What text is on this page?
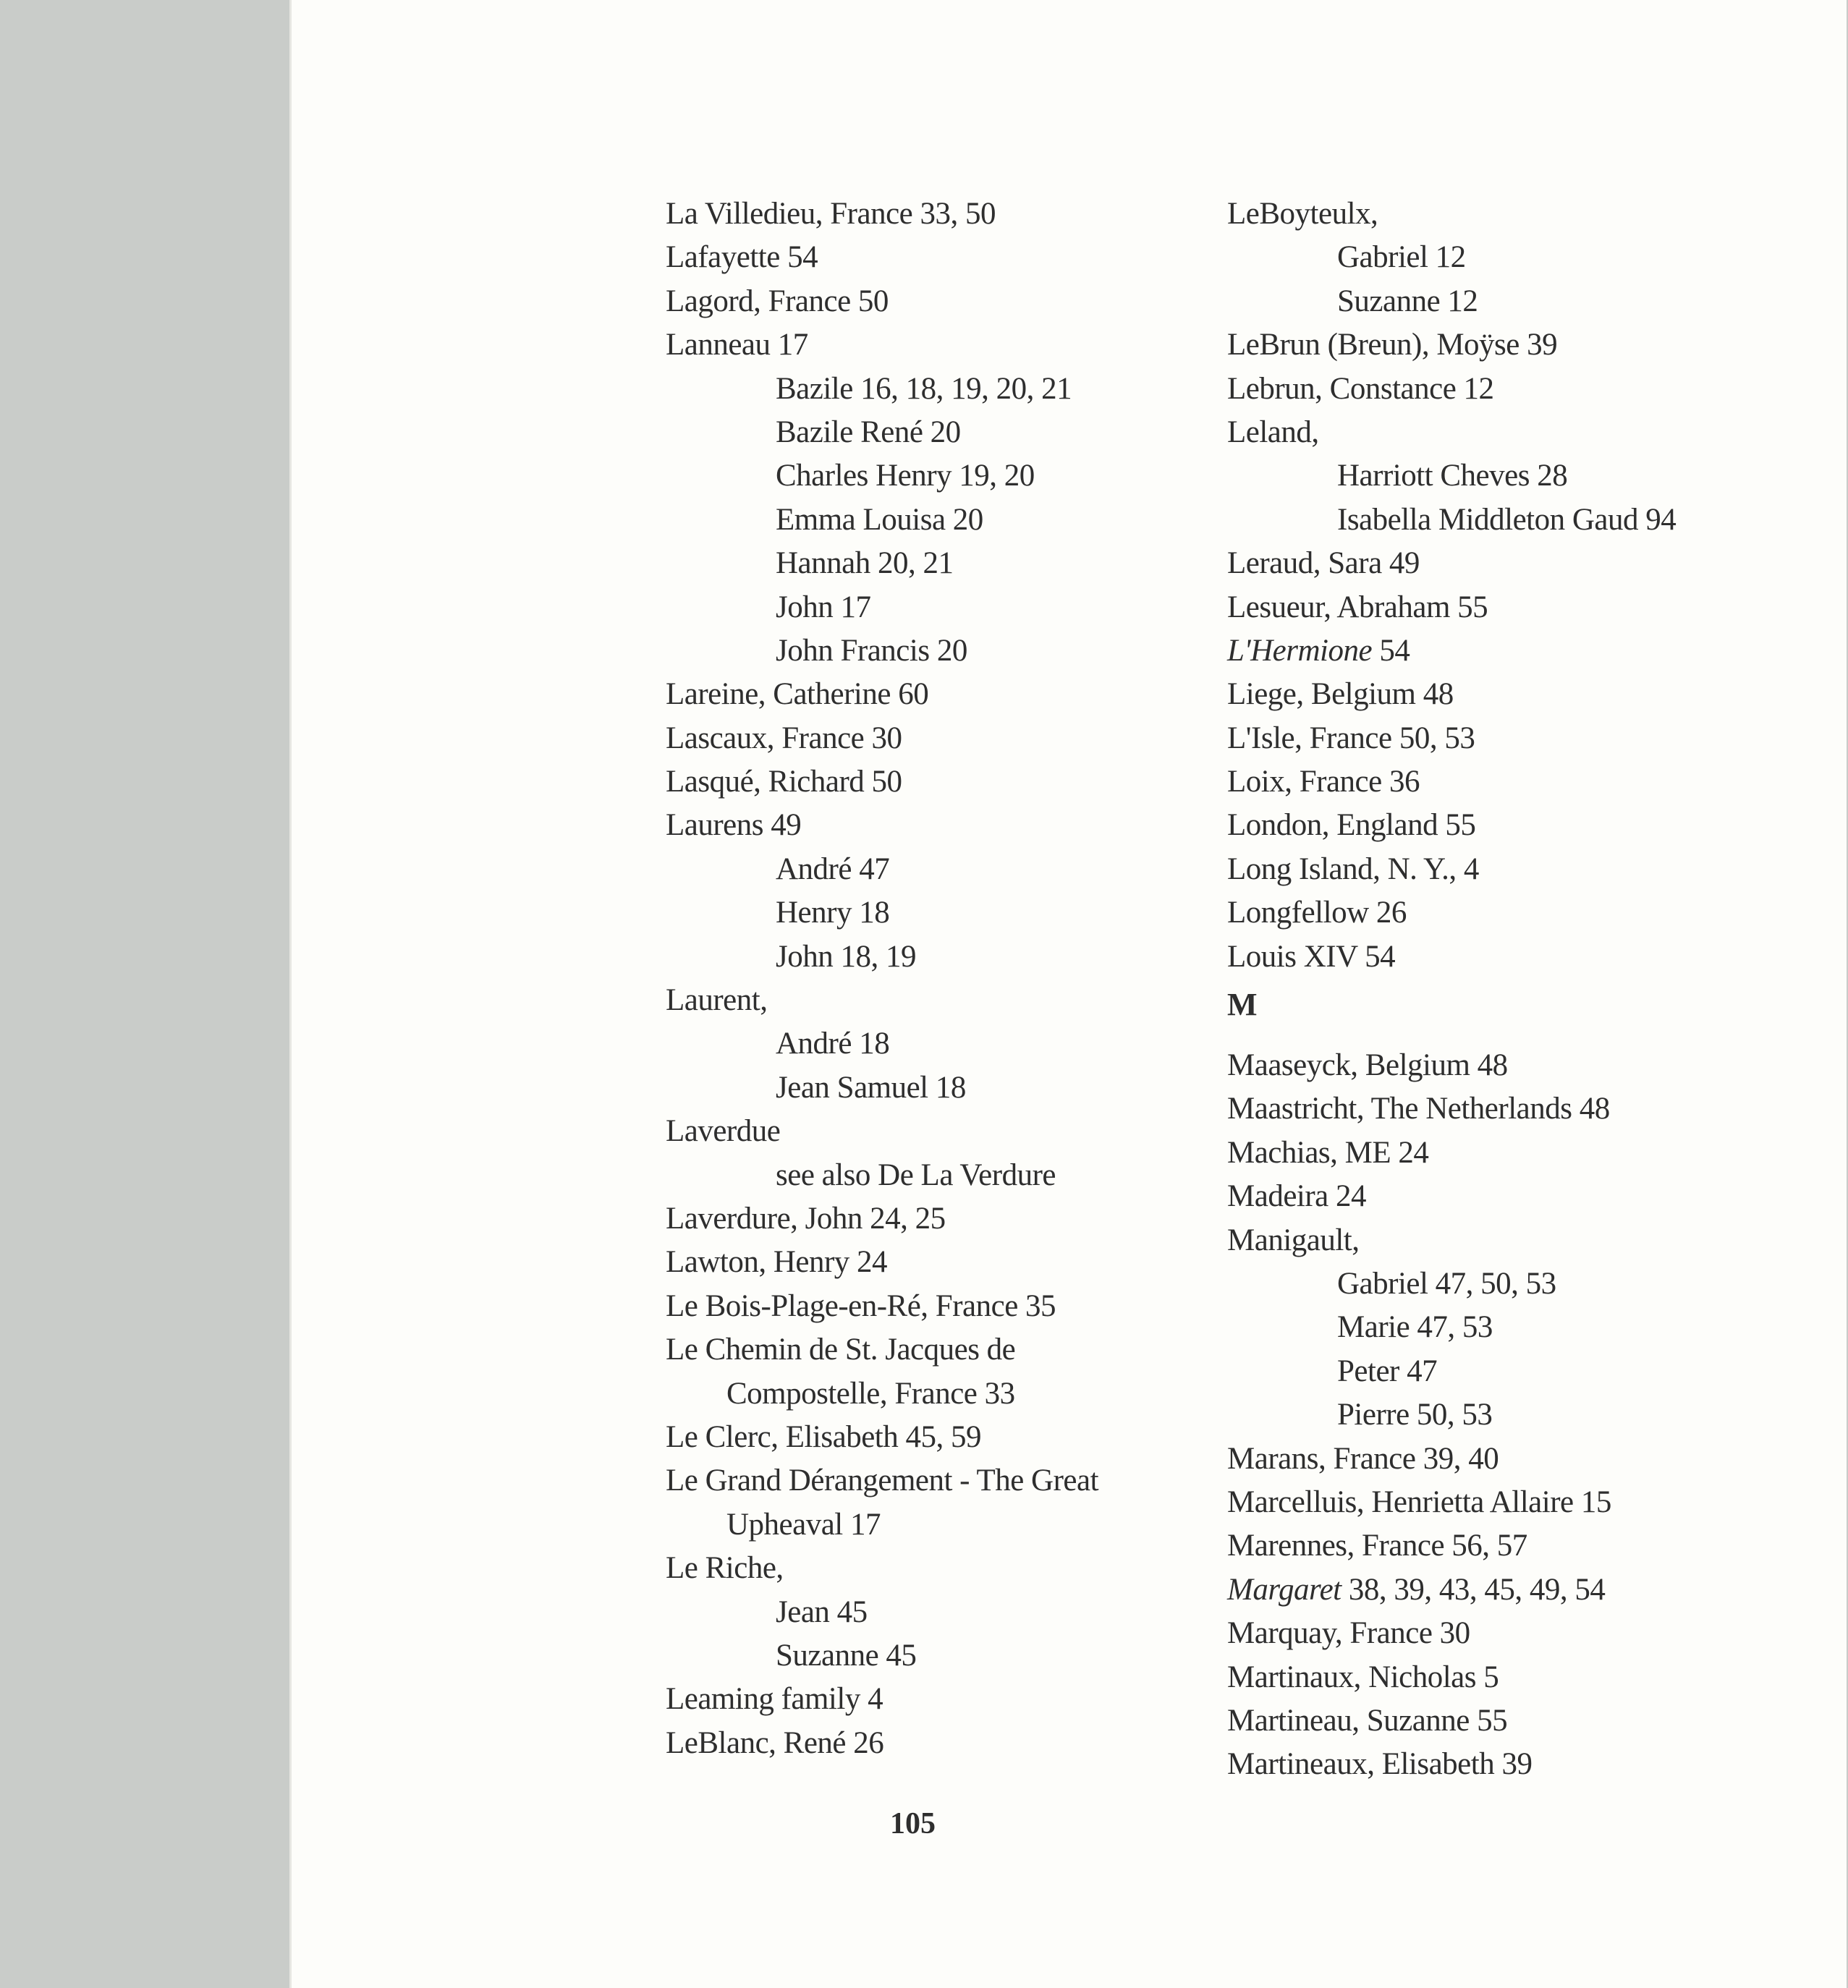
La Villedieu, France 33, 50
Lafayette 54
Lagord, France 50
Lanneau 17
Bazile 16, 18, 19, 20, 21
Bazile René 20
Charles Henry 19, 20
Emma Louisa 20
Hannah 20, 21
John 17
John Francis 20
Lareine, Catherine 60
Lascaux, France 30
Lasqué, Richard 50
Laurens 49
André 47
Henry 18
John 18, 19
Laurent,
André 18
Jean Samuel 18
Laverdue
see also De La Verdure
Laverdure, John 24, 25
Lawton, Henry 24
Le Bois-Plage-en-Ré, France 35
Le Chemin de St. Jacques de
Compostelle, France 33
Le Clerc, Elisabeth 45, 59
Le Grand Dérangement - The Great
Upheaval 17
Le Riche,
Jean 45
Suzanne 45
Leaming family 4
LeBlanc, René 26
LeBoyteulx,
Gabriel 12
Suzanne 12
LeBrun (Breun), Moÿse 39
Lebrun, Constance 12
Leland,
Harriott Cheves 28
Isabella Middleton Gaud 94
Leraud, Sara 49
Lesueur, Abraham 55
L'Hermione 54
Liege, Belgium 48
L'Isle, France 50, 53
Loix, France 36
London, England 55
Long Island, N. Y., 4
Longfellow 26
Louis XIV 54
M
Maaseyck, Belgium 48
Maastricht, The Netherlands 48
Machias, ME 24
Madeira 24
Manigault,
Gabriel 47, 50, 53
Marie 47, 53
Peter 47
Pierre 50, 53
Marans, France 39, 40
Marcelluis, Henrietta Allaire 15
Marennes, France 56, 57
Margaret 38, 39, 43, 45, 49, 54
Marquay, France 30
Martinaux, Nicholas 5
Martineau, Suzanne 55
Martineaux, Elisabeth 39
105
